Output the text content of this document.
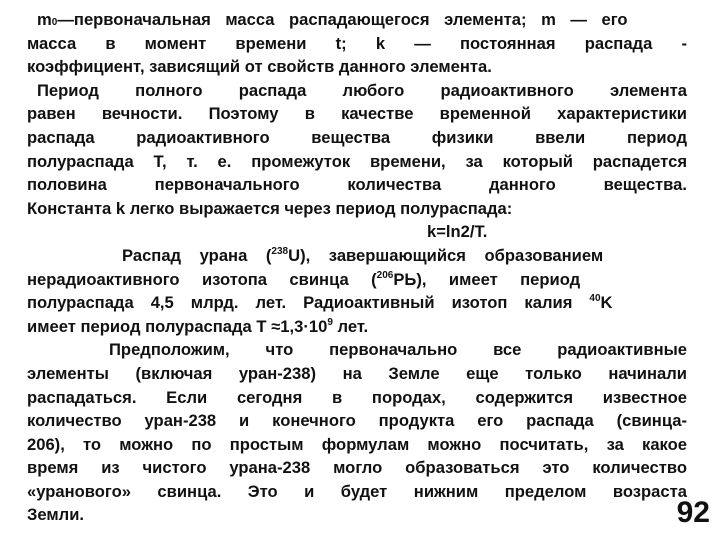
$m_0—первоначальная$ масса распадающегося элемента; m — его
масса в момент времени t; k — постоянная распада -
коэффициент, зависящий от свойств данного элемента.
Период полного распада любого радиоактивного элемента
равен вечности. Поэтому в качестве временной характеристики
распада радиоактивного вещества физики ввели период
полураспада Т, т. е. промежуток времени, за который распадется
половина первоначального количества данного вещества.
Константа k легко выражается через период полураспада:
k=ln2/T.
Распад урана ($^{238}$U), завершающийся образованием
нерадиоактивного изотопа свинца ($^{206}$РЬ), имеет период
полураспада 4,5 млрд. лет. Радиоактивный изотоп калия $^{40}$K
имеет период полураспада $T \approx 1,3\cdot 10^9$ лет.
Предположим, что первоначально все радиоактивные
элементы (включая уран-238) на Земле еще только начинали
распадаться. Если сегодня в породах, содержится известное
количество уран-238 и конечного продукта его распада (свинца-
206), то можно по простым формулам можно посчитать, за какое
время из чистого урана-238 могло образоваться это количество
«уранового» свинца. Это и будет нижним пределом возраста
Земли.	92
